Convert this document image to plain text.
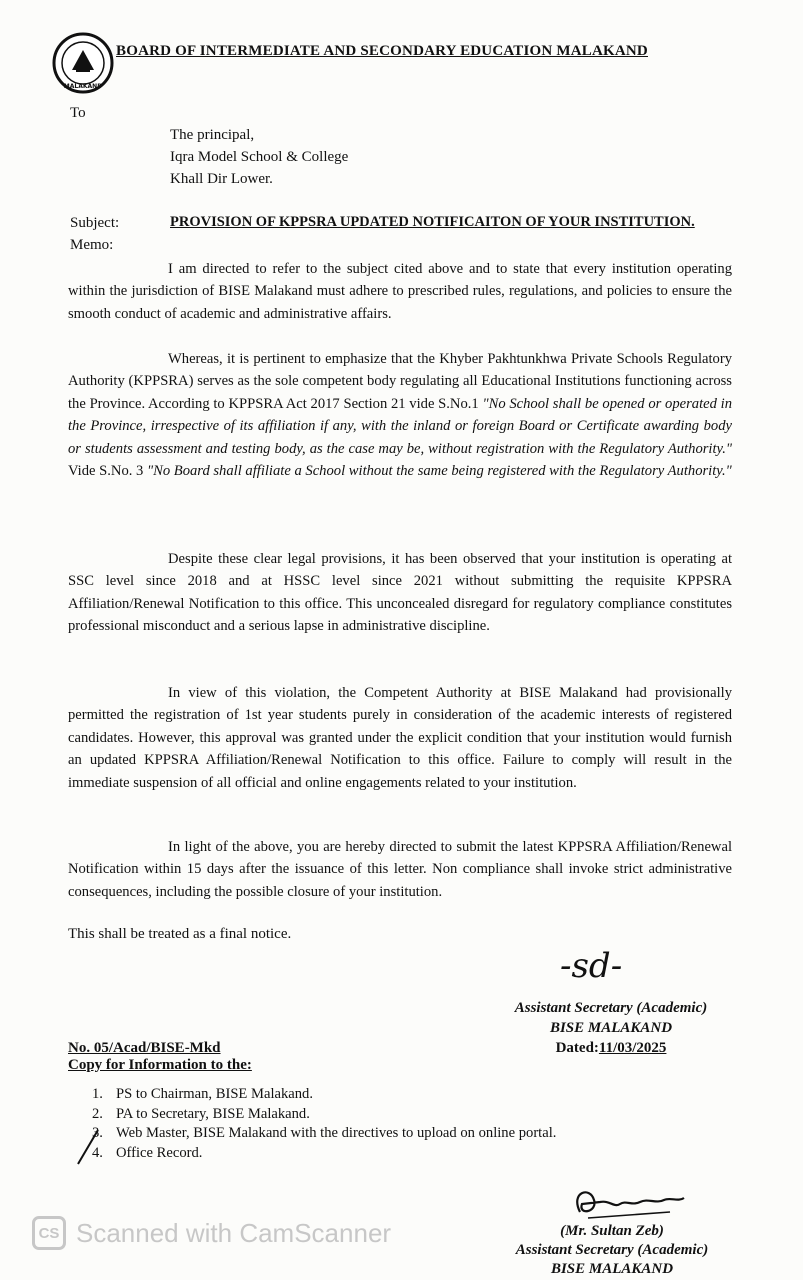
MALAKAND
BOARD OF INTERMEDIATE AND SECONDARY EDUCATION MALAKAND
To
The principal,
Iqra Model School & College
Khall Dir Lower.
Subject:	PROVISION OF KPPSRA UPDATED NOTIFICAITON OF YOUR INSTITUTION.
Memo:
I am directed to refer to the subject cited above and to state that every institution operating within the jurisdiction of BISE Malakand must adhere to prescribed rules, regulations, and policies to ensure the smooth conduct of academic and administrative affairs.
Whereas, it is pertinent to emphasize that the Khyber Pakhtunkhwa Private Schools Regulatory Authority (KPPSRA) serves as the sole competent body regulating all Educational Institutions functioning across the Province. According to KPPSRA Act 2017 Section 21 vide S.No.1 "No School shall be opened or operated in the Province, irrespective of its affiliation if any, with the inland or foreign Board or Certificate awarding body or students assessment and testing body, as the case may be, without registration with the Regulatory Authority." Vide S.No. 3 "No Board shall affiliate a School without the same being registered with the Regulatory Authority."
Despite these clear legal provisions, it has been observed that your institution is operating at SSC level since 2018 and at HSSC level since 2021 without submitting the requisite KPPSRA Affiliation/Renewal Notification to this office. This unconcealed disregard for regulatory compliance constitutes professional misconduct and a serious lapse in administrative discipline.
In view of this violation, the Competent Authority at BISE Malakand had provisionally permitted the registration of 1st year students purely in consideration of the academic interests of registered candidates. However, this approval was granted under the explicit condition that your institution would furnish an updated KPPSRA Affiliation/Renewal Notification to this office. Failure to comply will result in the immediate suspension of all official and online engagements related to your institution.
In light of the above, you are hereby directed to submit the latest KPPSRA Affiliation/Renewal Notification within 15 days after the issuance of this letter. Non compliance shall invoke strict administrative consequences, including the possible closure of your institution.
This shall be treated as a final notice.
-sd-
Assistant Secretary (Academic)
BISE MALAKAND
Dated:11/03/2025
No. 05/Acad/BISE-Mkd
Copy for Information to the:
1. PS to Chairman, BISE Malakand.
2. PA to Secretary, BISE Malakand.
3. Web Master, BISE Malakand with the directives to upload on online portal.
4. Office Record.
(Mr. Sultan Zeb)
Assistant Secretary (Academic)
BISE MALAKAND
CS Scanned with CamScanner
